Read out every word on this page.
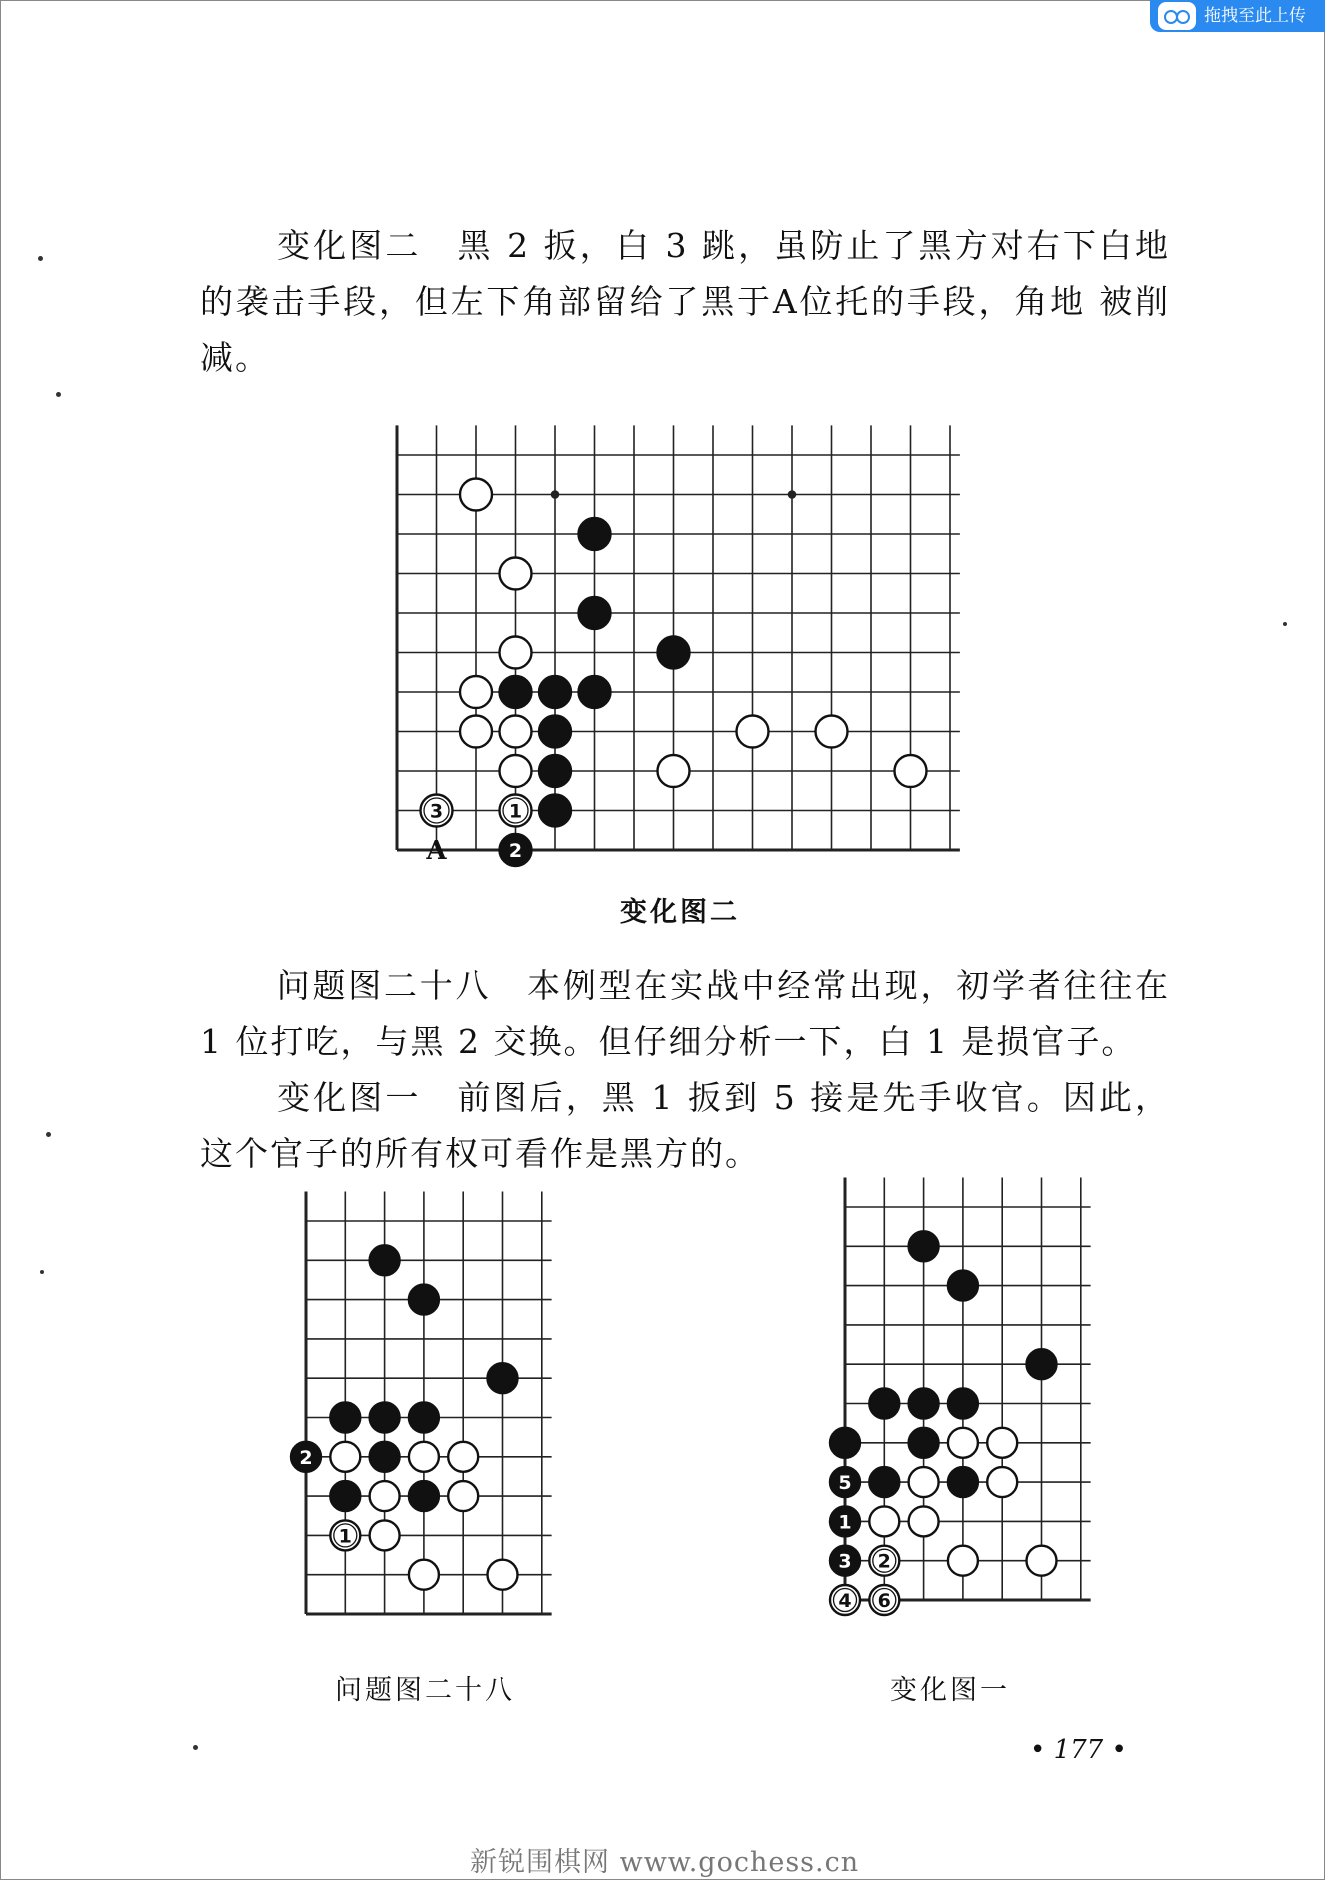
拖拽至此上传
变化图二　黑 2 扳，白 3 跳，虽防止了黑方对右下白地的袭击手段，但左下角部留给了黑于A位托的手段，角地 被削减。
A
3	1
2
变化图二
问题图二十八　本例型在实战中经常出现，初学者往往在 1 位打吃，与黑 2 交换。但仔细分析一下，白 1 是损官子。
变化图一　前图后，黑 1 扳到 5 接是先手收官。因此，这个官子的所有权可看作是黑方的。
2
1
5
1
3 2
4 6
问题图二十八	变化图一
• 177 •
新锐围棋网 www.gochess.cn
